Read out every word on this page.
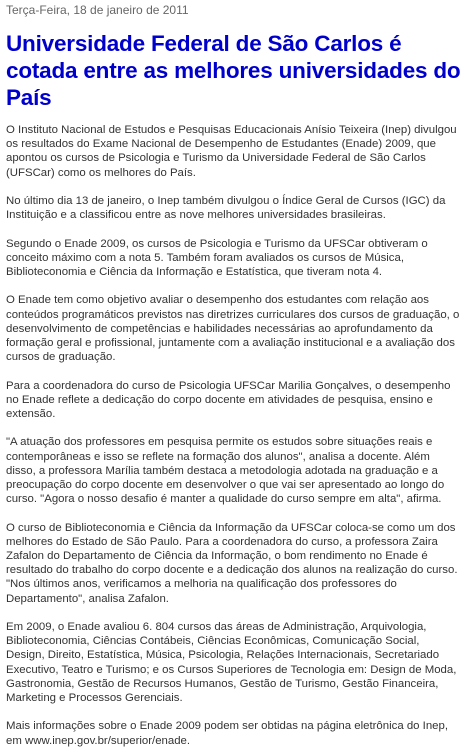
Terça-Feira, 18 de janeiro de 2011
Universidade Federal de São Carlos é cotada entre as melhores universidades do País

O Instituto Nacional de Estudos e Pesquisas Educacionais Anísio Teixeira (Inep) divulgou os resultados do Exame Nacional de Desempenho de Estudantes (Enade) 2009, que apontou os cursos de Psicologia e Turismo da Universidade Federal de São Carlos (UFSCar) como os melhores do País.

No último dia 13 de janeiro, o Inep também divulgou o Índice Geral de Cursos (IGC) da Instituição e a classificou entre as nove melhores universidades brasileiras.

Segundo o Enade 2009, os cursos de Psicologia e Turismo da UFSCar obtiveram o conceito máximo com a nota 5. Também foram avaliados os cursos de Música, Biblioteconomia e Ciência da Informação e Estatística, que tiveram nota 4.

O Enade tem como objetivo avaliar o desempenho dos estudantes com relação aos conteúdos programáticos previstos nas diretrizes curriculares dos cursos de graduação, o desenvolvimento de competências e habilidades necessárias ao aprofundamento da formação geral e profissional, juntamente com a avaliação institucional e a avaliação dos cursos de graduação.

Para a coordenadora do curso de Psicologia UFSCar Marilia Gonçalves, o desempenho no Enade reflete a dedicação do corpo docente em atividades de pesquisa, ensino e extensão.

"A atuação dos professores em pesquisa permite os estudos sobre situações reais e contemporâneas e isso se reflete na formação dos alunos", analisa a docente. Além disso, a professora Marília também destaca a metodologia adotada na graduação e a preocupação do corpo docente em desenvolver o que vai ser apresentado ao longo do curso. "Agora o nosso desafio é manter a qualidade do curso sempre em alta", afirma.

O curso de Biblioteconomia e Ciência da Informação da UFSCar coloca-se como um dos melhores do Estado de São Paulo. Para a coordenadora do curso, a professora Zaira Zafalon do Departamento de Ciência da Informação, o bom rendimento no Enade é resultado do trabalho do corpo docente e a dedicação dos alunos na realização do curso. "Nos últimos anos, verificamos a melhoria na qualificação dos professores do Departamento", analisa Zafalon.

Em 2009, o Enade avaliou 6. 804 cursos das áreas de Administração, Arquivologia, Biblioteconomia, Ciências Contábeis, Ciências Econômicas, Comunicação Social, Design, Direito, Estatística, Música, Psicologia, Relações Internacionais, Secretariado Executivo, Teatro e Turismo; e os Cursos Superiores de Tecnologia em: Design de Moda, Gastronomia, Gestão de Recursos Humanos, Gestão de Turismo, Gestão Financeira, Marketing e Processos Gerenciais.

Mais informações sobre o Enade 2009 podem ser obtidas na página eletrônica do Inep, em www.inep.gov.br/superior/enade.
